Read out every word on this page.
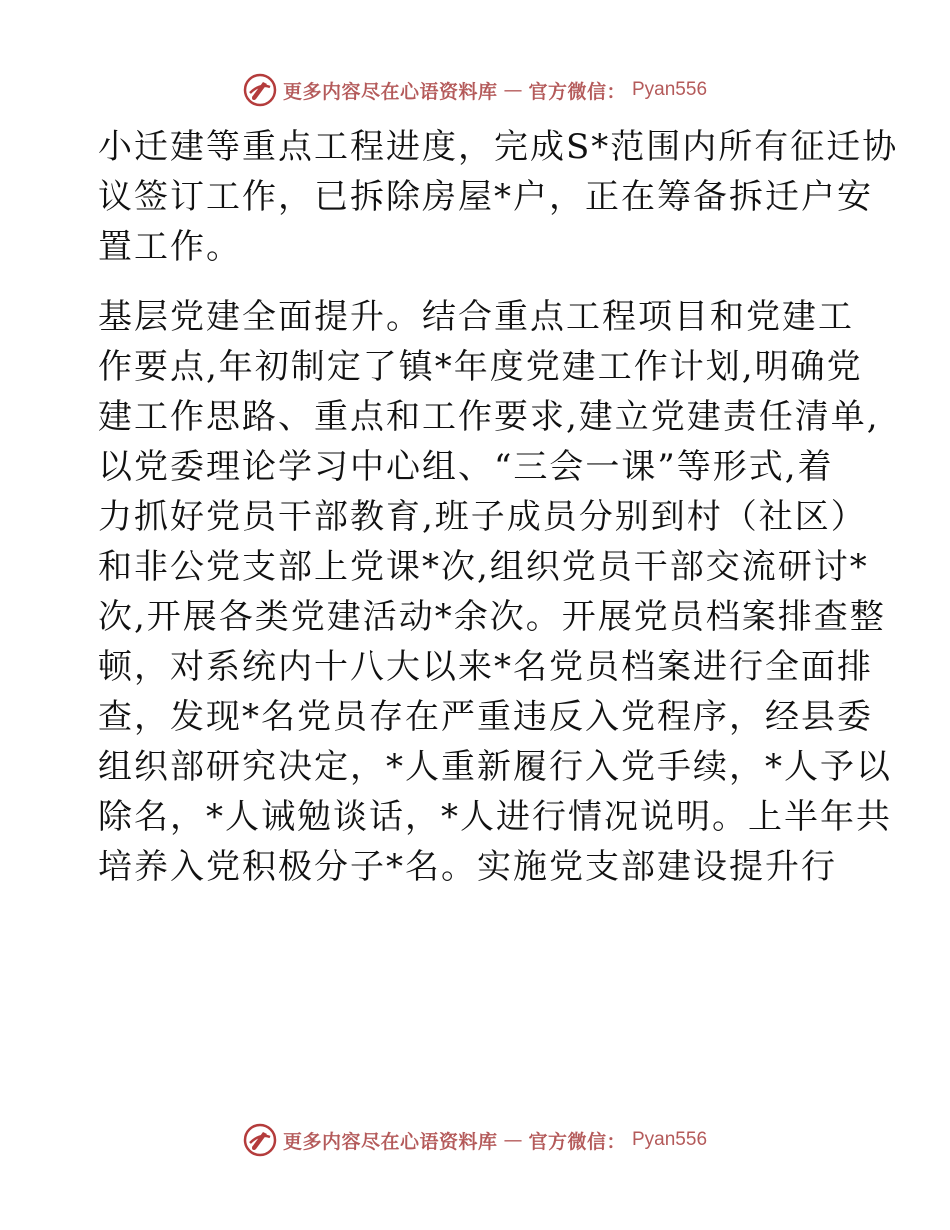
更多内容尽在心语资料库 — 官方微信： Pyan556
小迁建等重点工程进度，完成S*范围内所有征迁协
议签订工作，已拆除房屋*户，正在筹备拆迁户安
置工作。
基层党建全面提升。结合重点工程项目和党建工
作要点,年初制定了镇*年度党建工作计划,明确党
建工作思路、重点和工作要求,建立党建责任清单,
以党委理论学习中心组、“三会一课”等形式,着
力抓好党员干部教育,班子成员分别到村（社区）
和非公党支部上党课*次,组织党员干部交流研讨*
次,开展各类党建活动*余次。开展党员档案排查整
顿，对系统内十八大以来*名党员档案进行全面排
查，发现*名党员存在严重违反入党程序，经县委
组织部研究决定，*人重新履行入党手续，*人予以
除名，*人诫勉谈话，*人进行情况说明。上半年共
培养入党积极分子*名。实施党支部建设提升行
更多内容尽在心语资料库 — 官方微信： Pyan556
